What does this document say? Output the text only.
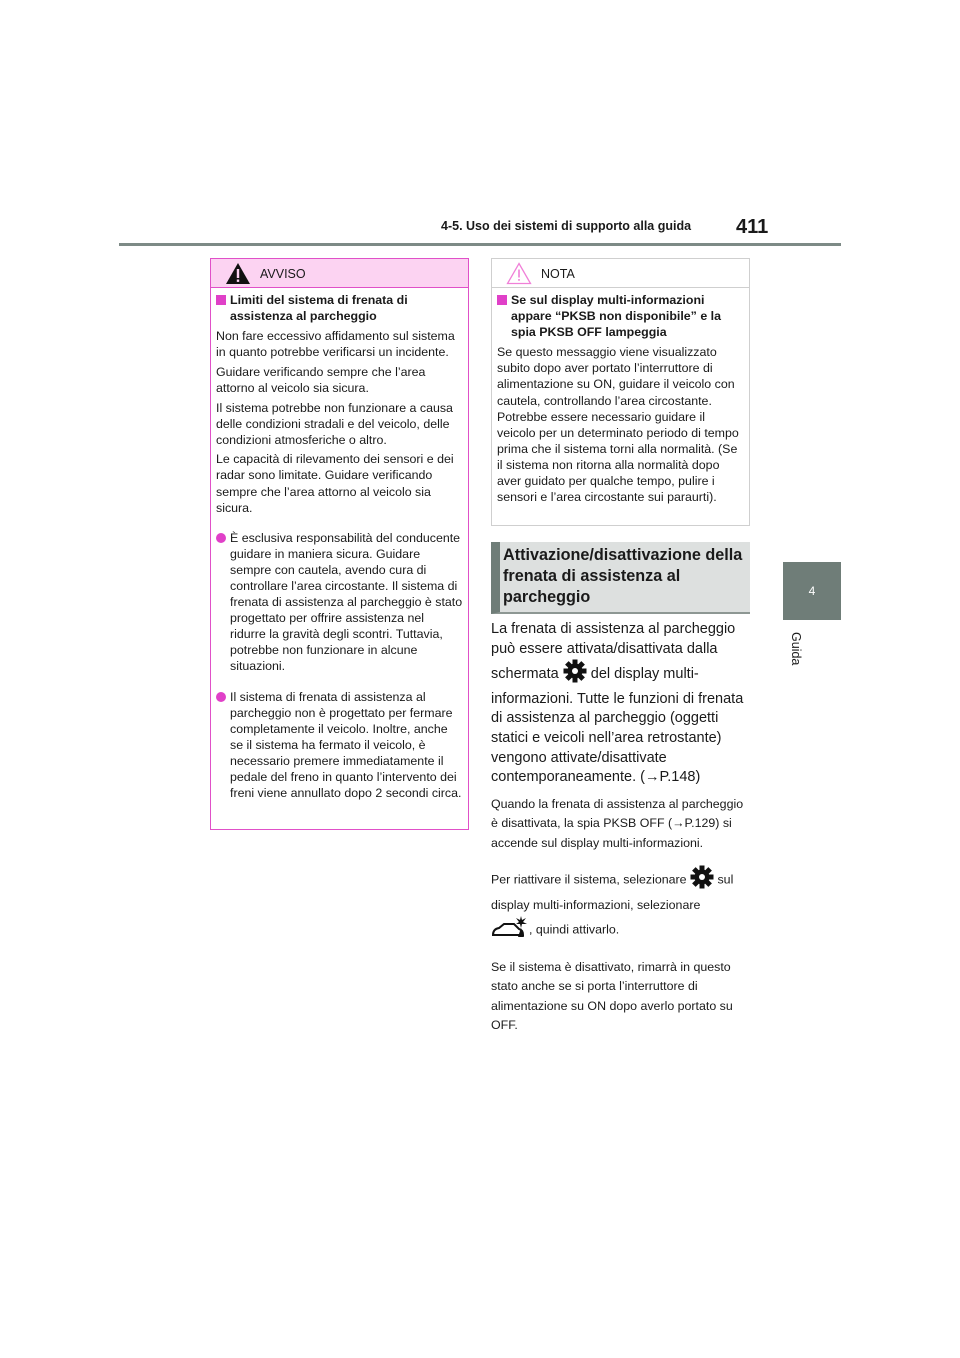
4-5. Uso dei sistemi di supporto alla guida 411
4
Guida
AVVISO
Limiti del sistema di frenata di assistenza al parcheggio

Non fare eccessivo affidamento sul sistema in quanto potrebbe verificarsi un incidente.

Guidare verificando sempre che l’area attorno al veicolo sia sicura.

Il sistema potrebbe non funzionare a causa delle condizioni stradali e del veicolo, delle condizioni atmosferiche o altro.

Le capacità di rilevamento dei sensori e dei radar sono limitate. Guidare verificando sempre che l’area attorno al veicolo sia sicura.

È esclusiva responsabilità del conducente guidare in maniera sicura. Guidare sempre con cautela, avendo cura di controllare l’area circostante. Il sistema di frenata di assistenza al parcheggio è stato progettato per offrire assistenza nel ridurre la gravità degli scontri. Tuttavia, potrebbe non funzionare in alcune situazioni.
Il sistema di frenata di assistenza al parcheggio non è progettato per fermare completamente il veicolo. Inoltre, anche se il sistema ha fermato il veicolo, è necessario premere immediatamente il pedale del freno in quanto l’intervento dei freni viene annullato dopo 2 secondi circa.
NOTA
Se sul display multi-informazioni appare “PKSB non disponibile” e la spia PKSB OFF lampeggia

Se questo messaggio viene visualizzato subito dopo aver portato l’interruttore di alimentazione su ON, guidare il veicolo con cautela, controllando l’area circostante. Potrebbe essere necessario guidare il veicolo per un determinato periodo di tempo prima che il sistema torni alla normalità. (Se il sistema non ritorna alla normalità dopo aver guidato per qualche tempo, pulire i sensori e l’area circostante sui paraurti).

Attivazione/disattivazione della frenata di assistenza al parcheggio

La frenata di assistenza al parcheggio può essere attivata/disattivata dalla schermata del display multi-informazioni. Tutte le funzioni di frenata di assistenza al parcheggio (oggetti statici e veicoli nell’area retrostante) vengono attivate/disattivate contemporaneamente. (→P.148)

Quando la frenata di assistenza al parcheggio è disattivata, la spia PKSB OFF (→P.129) si accende sul display multi-informazioni.

Per riattivare il sistema, selezionare sul display multi-informazioni, selezionare
, quindi attivarlo.

Se il sistema è disattivato, rimarrà in questo stato anche se si porta l’interruttore di alimentazione su ON dopo averlo portato su OFF.
